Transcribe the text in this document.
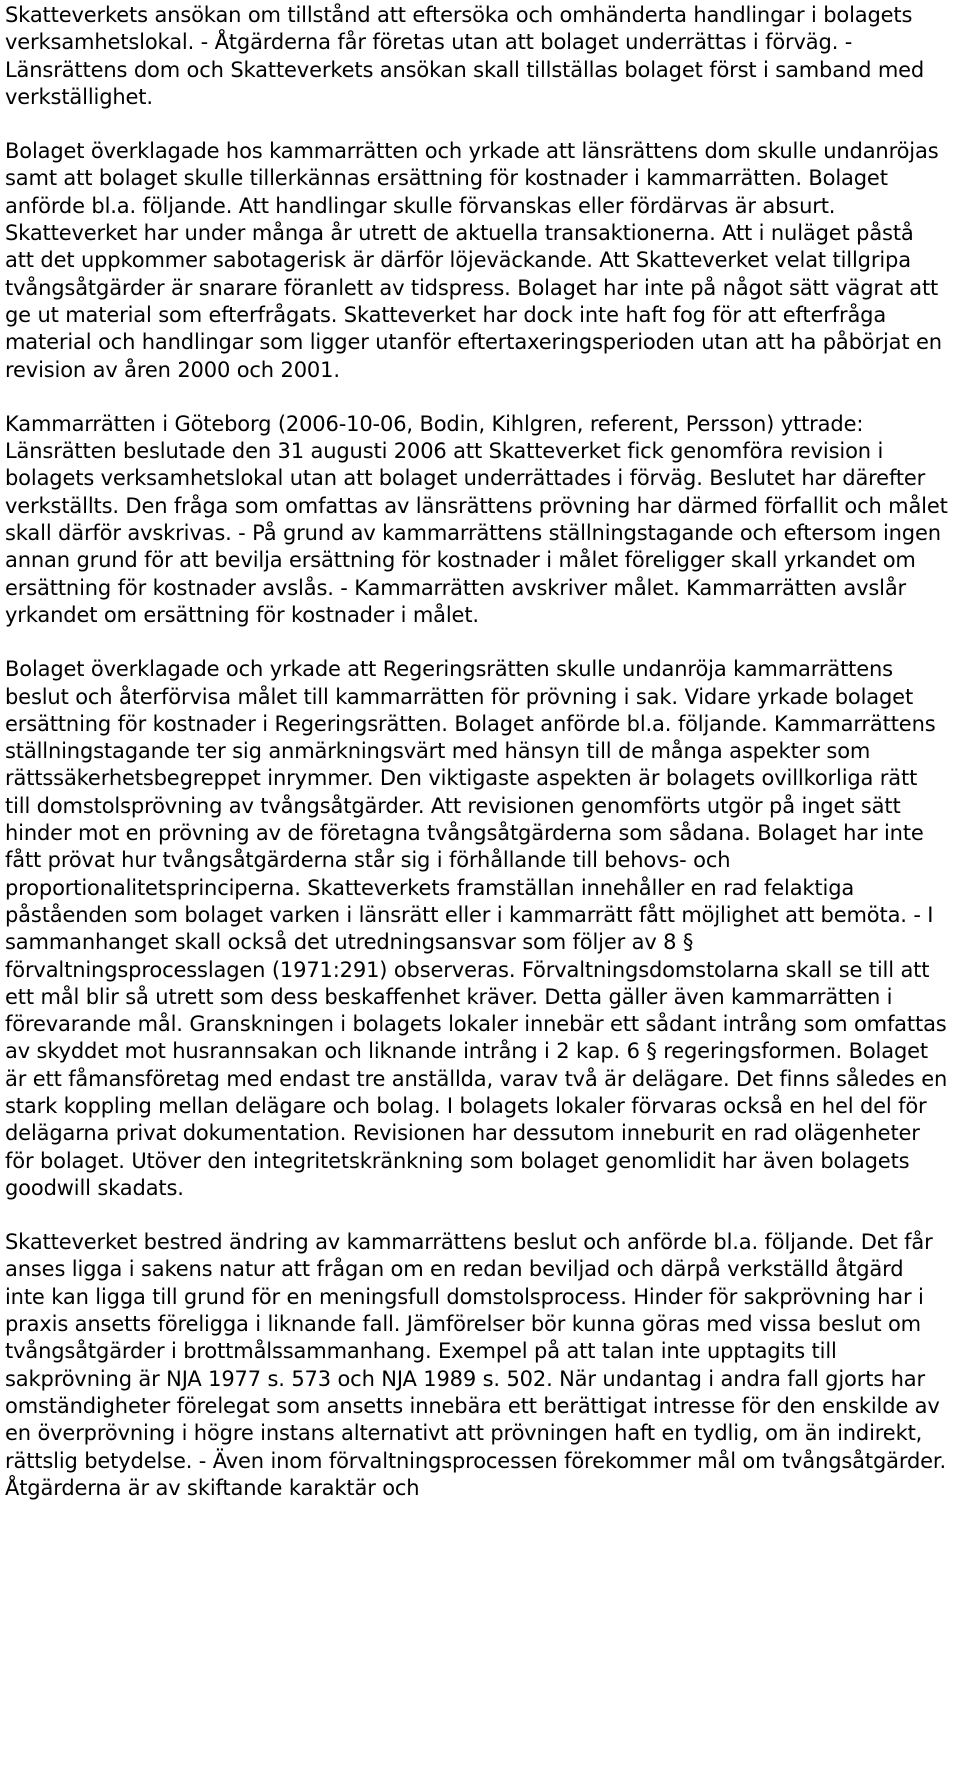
Skatteverkets ansökan om tillstånd att eftersöka och omhänderta handlingar i bolagets verksamhetslokal. - Åtgärderna får företas utan att bolaget underrättas i förväg. - Länsrättens dom och Skatteverkets ansökan skall tillställas bolaget först i samband med verkställighet.

Bolaget överklagade hos kammarrätten och yrkade att länsrättens dom skulle undanröjas samt att bolaget skulle tillerkännas ersättning för kostnader i kammarrätten. Bolaget anförde bl.a. följande. Att handlingar skulle förvanskas eller fördärvas är absurt. Skatteverket har under många år utrett de aktuella transaktionerna. Att i nuläget påstå att det uppkommer sabotagerisk är därför löjeväckande. Att Skatteverket velat tillgripa tvångsåtgärder är snarare föranlett av tidspress. Bolaget har inte på något sätt vägrat att ge ut material som efterfrågats. Skatteverket har dock inte haft fog för att efterfråga material och handlingar som ligger utanför eftertaxeringsperioden utan att ha påbörjat en revision av åren 2000 och 2001.

Kammarrätten i Göteborg (2006-10-06, Bodin, Kihlgren, referent, Persson) yttrade: Länsrätten beslutade den 31 augusti 2006 att Skatteverket fick genomföra revision i bolagets verksamhetslokal utan att bolaget underrättades i förväg. Beslutet har därefter verkställts. Den fråga som omfattas av länsrättens prövning har därmed förfallit och målet skall därför avskrivas. - På grund av kammarrättens ställningstagande och eftersom ingen annan grund för att bevilja ersättning för kostnader i målet föreligger skall yrkandet om ersättning för kostnader avslås. - Kammarrätten avskriver målet. Kammarrätten avslår yrkandet om ersättning för kostnader i målet.

Bolaget överklagade och yrkade att Regeringsrätten skulle undanröja kammarrättens beslut och återförvisa målet till kammarrätten för prövning i sak. Vidare yrkade bolaget ersättning för kostnader i Regeringsrätten. Bolaget anförde bl.a. följande. Kammarrättens ställningstagande ter sig anmärkningsvärt med hänsyn till de många aspekter som rättssäkerhetsbegreppet inrymmer. Den viktigaste aspekten är bolagets ovillkorliga rätt till domstolsprövning av tvångsåtgärder. Att revisionen genomförts utgör på inget sätt hinder mot en prövning av de företagna tvångsåtgärderna som sådana. Bolaget har inte fått prövat hur tvångsåtgärderna står sig i förhållande till behovs- och proportionalitetsprinciperna. Skatteverkets framställan innehåller en rad felaktiga påståenden som bolaget varken i länsrätt eller i kammarrätt fått möjlighet att bemöta. - I sammanhanget skall också det utredningsansvar som följer av 8 § förvaltningsprocesslagen (1971:291) observeras. Förvaltningsdomstolarna skall se till att ett mål blir så utrett som dess beskaffenhet kräver. Detta gäller även kammarrätten i förevarande mål. Granskningen i bolagets lokaler innebär ett sådant intrång som omfattas av skyddet mot husrannsakan och liknande intrång i 2 kap. 6 § regeringsformen. Bolaget är ett fåmansföretag med endast tre anställda, varav två är delägare. Det finns således en stark koppling mellan delägare och bolag. I bolagets lokaler förvaras också en hel del för delägarna privat dokumentation. Revisionen har dessutom inneburit en rad olägenheter för bolaget. Utöver den integritetskränkning som bolaget genomlidit har även bolagets goodwill skadats.

Skatteverket bestred ändring av kammarrättens beslut och anförde bl.a. följande. Det får anses ligga i sakens natur att frågan om en redan beviljad och därpå verkställd åtgärd inte kan ligga till grund för en meningsfull domstolsprocess. Hinder för sakprövning har i praxis ansetts föreligga i liknande fall. Jämförelser bör kunna göras med vissa beslut om tvångsåtgärder i brottmålssammanhang. Exempel på att talan inte upptagits till sakprövning är NJA 1977 s. 573 och NJA 1989 s. 502. När undantag i andra fall gjorts har omständigheter förelegat som ansetts innebära ett berättigat intresse för den enskilde av en överprövning i högre instans alternativt att prövningen haft en tydlig, om än indirekt, rättslig betydelse. - Även inom förvaltningsprocessen förekommer mål om tvångsåtgärder. Åtgärderna är av skiftande karaktär och
